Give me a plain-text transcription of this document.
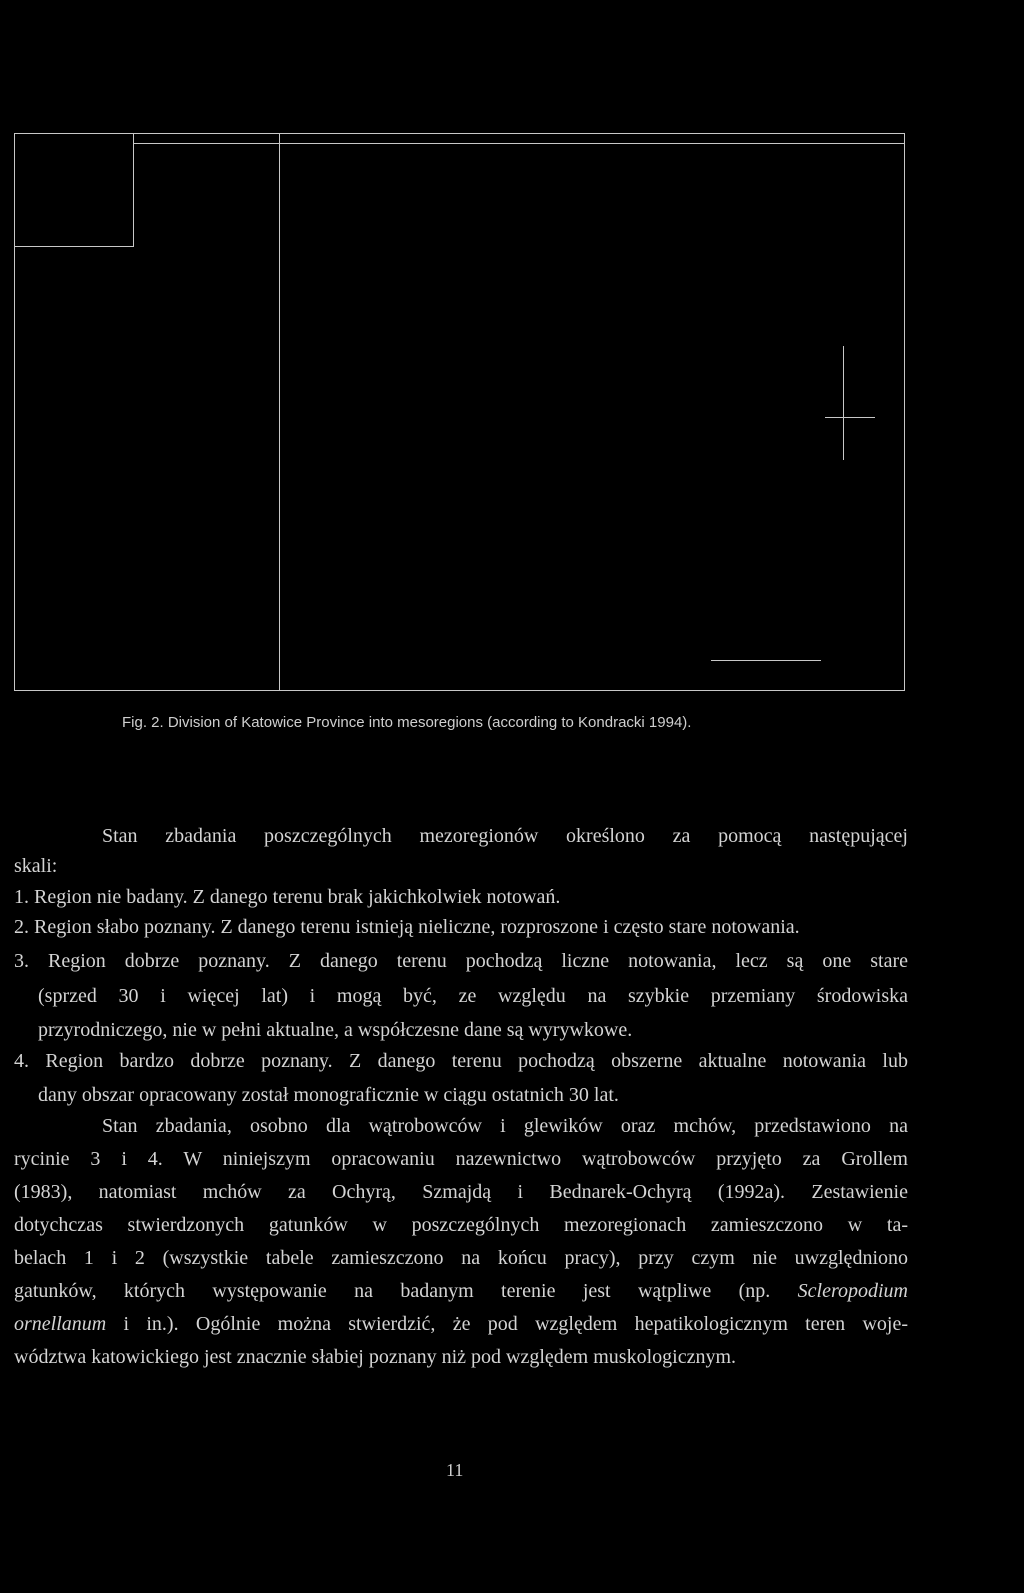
Fig. 2. Division of Katowice Province into mesoregions (according to Kondracki 1994).
Stan zbadania poszczególnych mezoregionów określono za pomocą następującej
skali:
1. Region nie badany. Z danego terenu brak jakichkolwiek notowań.
2. Region słabo poznany. Z danego terenu istnieją nieliczne, rozproszone i często stare notowania.
3. Region dobrze poznany. Z danego terenu pochodzą liczne notowania, lecz są one stare
(sprzed 30 i więcej lat) i mogą być, ze względu na szybkie przemiany środowiska
przyrodniczego, nie w pełni aktualne, a współczesne dane są wyrywkowe.
4. Region bardzo dobrze poznany. Z danego terenu pochodzą obszerne aktualne notowania lub
dany obszar opracowany został monograficznie w ciągu ostatnich 30 lat.
Stan zbadania, osobno dla wątrobowców i glewików oraz mchów, przedstawiono na
rycinie 3 i 4. W niniejszym opracowaniu nazewnictwo wątrobowców przyjęto za Grollem
(1983), natomiast mchów za Ochyrą, Szmajdą i Bednarek-Ochyrą (1992a). Zestawienie
dotychczas stwierdzonych gatunków w poszczególnych mezoregionach zamieszczono w ta-
belach 1 i 2 (wszystkie tabele zamieszczono na końcu pracy), przy czym nie uwzględniono
gatunków, których występowanie na badanym terenie jest wątpliwe (np. Scleropodium
ornellanum i in.). Ogólnie można stwierdzić, że pod względem hepatikologicznym teren woje-
wództwa katowickiego jest znacznie słabiej poznany niż pod względem muskologicznym.
11
